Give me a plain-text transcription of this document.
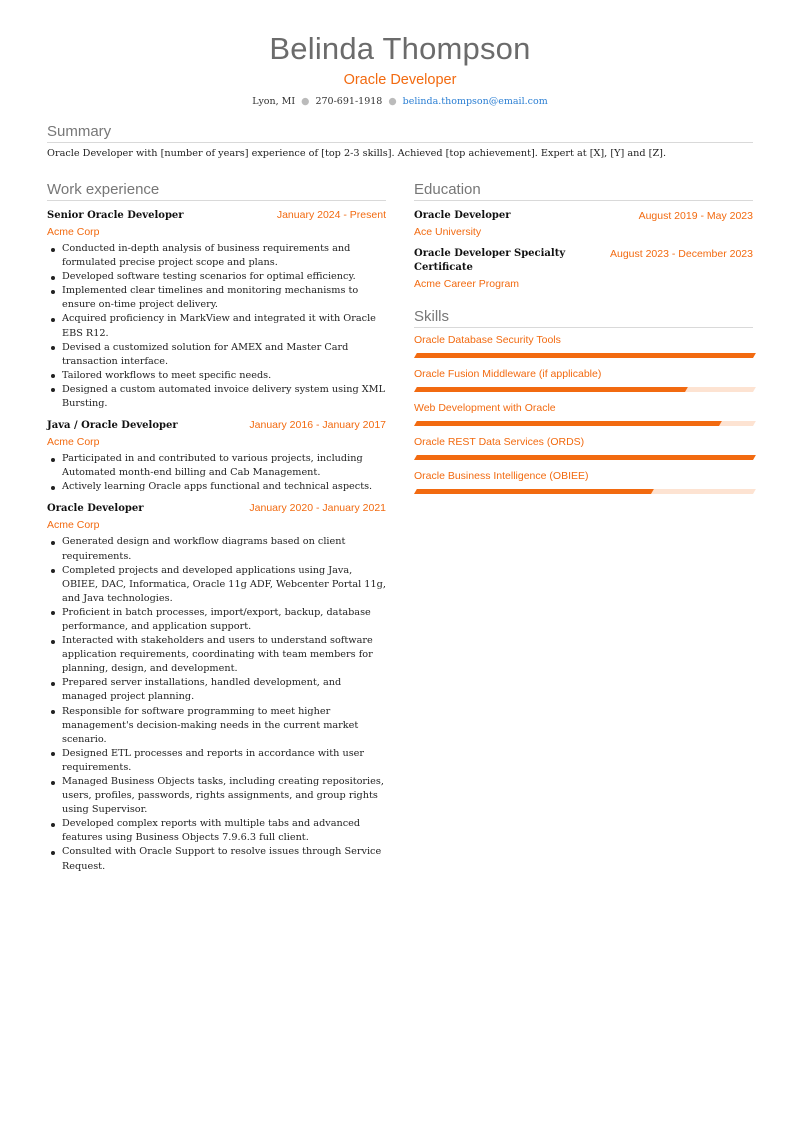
Belinda Thompson
Oracle Developer
Lyon, MI ● 270-691-1918 ● belinda.thompson@email.com
Summary

Oracle Developer with [number of years] experience of [top 2-3 skills]. Achieved [top achievement]. Expert at [X], [Y] and [Z].

Work experience
Senior Oracle Developer	January 2024 - Present
Acme Corp
Conducted in-depth analysis of business requirements and formulated precise project scope and plans.
Developed software testing scenarios for optimal efficiency.
Implemented clear timelines and monitoring mechanisms to ensure on-time project delivery.
Acquired proficiency in MarkView and integrated it with Oracle EBS R12.
Devised a customized solution for AMEX and Master Card transaction interface.
Tailored workflows to meet specific needs.
Designed a custom automated invoice delivery system using XML Bursting.
Java / Oracle Developer	January 2016 - January 2017
Acme Corp
Participated in and contributed to various projects, including Automated month-end billing and Cab Management.
Actively learning Oracle apps functional and technical aspects.
Oracle Developer	January 2020 - January 2021
Acme Corp
Generated design and workflow diagrams based on client requirements.
Completed projects and developed applications using Java, OBIEE, DAC, Informatica, Oracle 11g ADF, Webcenter Portal 11g, and Java technologies.
Proficient in batch processes, import/export, backup, database performance, and application support.
Interacted with stakeholders and users to understand software application requirements, coordinating with team members for planning, design, and development.
Prepared server installations, handled development, and managed project planning.
Responsible for software programming to meet higher management's decision-making needs in the current market scenario.
Designed ETL processes and reports in accordance with user requirements.
Managed Business Objects tasks, including creating repositories, users, profiles, passwords, rights assignments, and group rights using Supervisor.
Developed complex reports with multiple tabs and advanced features using Business Objects 7.9.6.3 full client.
Consulted with Oracle Support to resolve issues through Service Request.
Education
Oracle Developer	August 2019 - May 2023
Ace University
Oracle Developer Specialty Certificate
August 2023 - December 2023
Acme Career Program
Skills
Oracle Database Security Tools
Oracle Fusion Middleware (if applicable)
Web Development with Oracle
Oracle REST Data Services (ORDS)
Oracle Business Intelligence (OBIEE)
